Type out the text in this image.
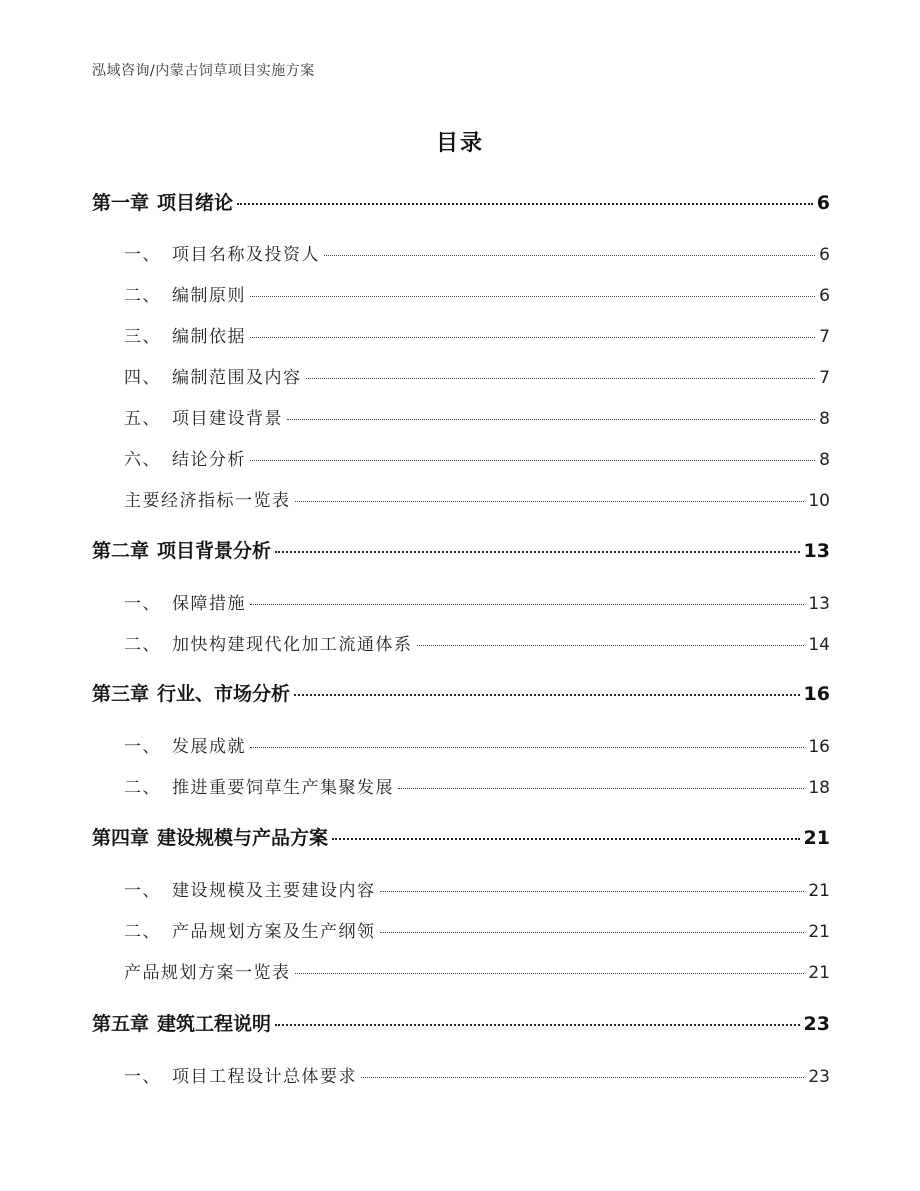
泓域咨询/内蒙古饲草项目实施方案
目录
第一章 项目绪论	6
一、 项目名称及投资人	6
二、 编制原则	6
三、 编制依据	7
四、 编制范围及内容	7
五、 项目建设背景	8
六、 结论分析	8
主要经济指标一览表	10
第二章 项目背景分析	13
一、 保障措施	13
二、 加快构建现代化加工流通体系	14
第三章 行业、市场分析	16
一、 发展成就	16
二、 推进重要饲草生产集聚发展	18
第四章 建设规模与产品方案	21
一、 建设规模及主要建设内容	21
二、 产品规划方案及生产纲领	21
产品规划方案一览表	21
第五章 建筑工程说明	23
一、 项目工程设计总体要求	23
